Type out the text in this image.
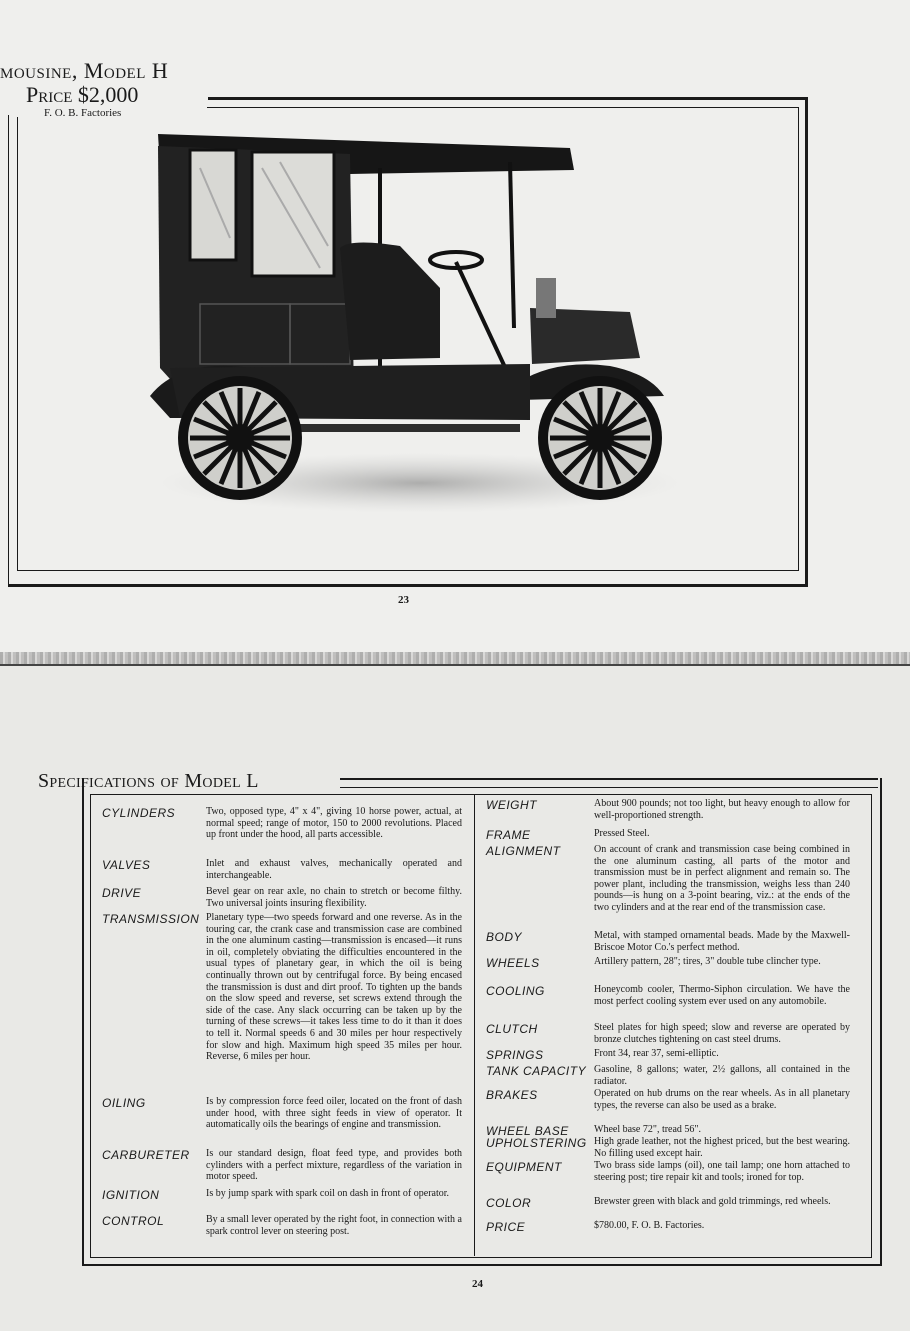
mousine, Model H
Price $2,000
F. O. B. Factories
23
Specifications of Model L
CYLINDERS	Two, opposed type, 4" x 4", giving 10 horse power, actual, at normal speed; range of motor, 150 to 2000 revolutions. Placed up front under the hood, all parts accessible.
VALVES	Inlet and exhaust valves, mechanically operated and interchangeable.
DRIVE	Bevel gear on rear axle, no chain to stretch or become filthy. Two universal joints insuring flexibility.
TRANSMISSION Planetary type—two speeds forward and one reverse. As in the touring car, the crank case and transmission case are combined in the one aluminum casting—transmission is encased—it runs in oil, completely obviating the difficulties encountered in the usual types of planetary gear, in which the oil is being continually thrown out by centrifugal force. By being encased the transmission is dust and dirt proof. To tighten up the bands on the slow speed and reverse, set screws extend through the side of the case. Any slack occurring can be taken up by the turning of these screws—it takes less time to do it than it does to tell it. Normal speeds 6 and 30 miles per hour respectively for slow and high. Maximum high speed 35 miles per hour. Reverse, 6 miles per hour.
OILING	Is by compression force feed oiler, located on the front of dash under hood, with three sight feeds in view of operator. It automatically oils the bearings of engine and transmission.
CARBURETER Is our standard design, float feed type, and provides both cylinders with a perfect mixture, regardless of the variation in motor speed.
IGNITION	Is by jump spark with spark coil on dash in front of operator.
CONTROL	By a small lever operated by the right foot, in connection with a spark control lever on steering post.
WEIGHT	About 900 pounds; not too light, but heavy enough to allow for well-proportioned strength.
FRAME	Pressed Steel.
ALIGNMENT	On account of crank and transmission case being combined in the one aluminum casting, all parts of the motor and transmission must be in perfect alignment and remain so. The power plant, including the transmission, weighs less than 240 pounds—is hung on a 3-point bearing, viz.: at the ends of the two cylinders and at the rear end of the transmission case.
BODY	Metal, with stamped ornamental beads. Made by the Maxwell-Briscoe Motor Co.'s perfect method.
WHEELS	Artillery pattern, 28"; tires, 3" double tube clincher type.
COOLING	Honeycomb cooler, Thermo-Siphon circulation. We have the most perfect cooling system ever used on any automobile.
CLUTCH	Steel plates for high speed; slow and reverse are operated by bronze clutches tightening on cast steel drums.
SPRINGS	Front 34, rear 37, semi-elliptic.
TANK CAPACITY Gasoline, 8 gallons; water, 2½ gallons, all contained in the radiator.
BRAKES	Operated on hub drums on the rear wheels. As in all planetary types, the reverse can also be used as a brake.
WHEEL BASE	Wheel base 72", tread 56".
UPHOLSTERING High grade leather, not the highest priced, but the best wearing. No filling used except hair.
EQUIPMENT	Two brass side lamps (oil), one tail lamp; one horn attached to steering post; tire repair kit and tools; ironed for top.
COLOR	Brewster green with black and gold trimmings, red wheels.
PRICE	$780.00, F. O. B. Factories.
24
